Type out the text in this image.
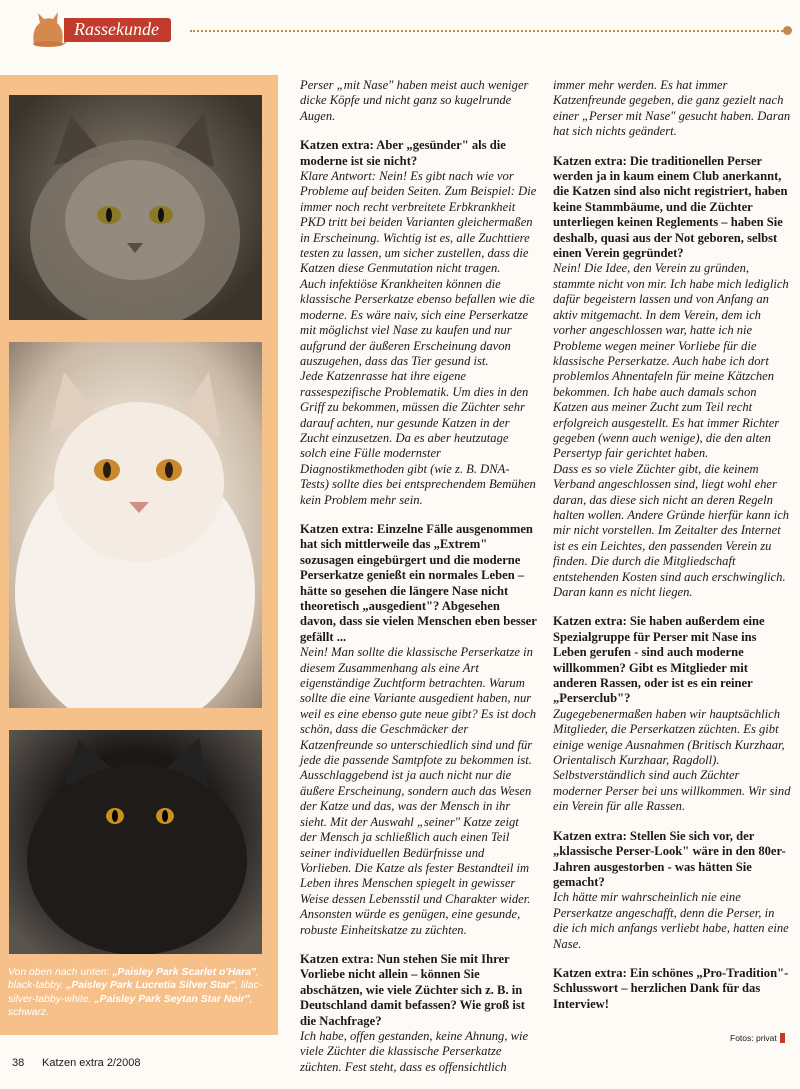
Rassekunde
Von oben nach unten: „Paisley Park Scarlet o'Hara", black-tabby. „Paisley Park Lucretia Silver Star", lilac-silver-tabby-white. „Paisley Park Seytan Star Noir", schwarz.

Perser „mit Nase" haben meist auch weniger dicke Köpfe und nicht ganz so kugelrunde Augen.

Katzen extra: Aber „gesünder" als die moderne ist sie nicht?

Klare Antwort: Nein! Es gibt nach wie vor Probleme auf beiden Seiten. Zum Beispiel: Die immer noch recht verbreitete Erbkrankheit PKD tritt bei beiden Varianten gleichermaßen in Erscheinung. Wichtig ist es, alle Zuchttiere testen zu lassen, um sicher zustellen, dass die Katzen diese Genmutation nicht tragen.

Auch infektiöse Krankheiten können die klassische Perserkatze ebenso befallen wie die moderne. Es wäre naiv, sich eine Perserkatze mit möglichst viel Nase zu kaufen und nur aufgrund der äußeren Erscheinung davon auszugehen, dass das Tier gesund ist.

Jede Katzenrasse hat ihre eigene rassespezifische Problematik. Um dies in den Griff zu bekommen, müssen die Züchter sehr darauf achten, nur gesunde Katzen in der Zucht einzusetzen. Da es aber heutzutage solch eine Fülle modernster Diagnostikmethoden gibt (wie z. B. DNA-Tests) sollte dies bei entsprechendem Bemühen kein Problem mehr sein.

Katzen extra: Einzelne Fälle ausgenommen hat sich mittlerweile das „Extrem" sozusagen eingebürgert und die moderne Perserkatze genießt ein normales Leben – hätte so gesehen die längere Nase nicht theoretisch „ausgedient"? Abgesehen davon, dass sie vielen Menschen eben besser gefällt ...

Nein! Man sollte die klassische Perserkatze in diesem Zusammenhang als eine Art eigenständige Zuchtform betrachten. Warum sollte die eine Variante ausgedient haben, nur weil es eine ebenso gute neue gibt? Es ist doch schön, dass die Geschmäcker der Katzenfreunde so unterschiedlich sind und für jede die passende Samtpfote zu bekommen ist.

Ausschlaggebend ist ja auch nicht nur die äußere Erscheinung, sondern auch das Wesen der Katze und das, was der Mensch in ihr sieht. Mit der Auswahl „seiner" Katze zeigt der Mensch ja schließlich auch einen Teil seiner individuellen Bedürfnisse und Vorlieben. Die Katze als fester Bestandteil im Leben ihres Menschen spiegelt in gewisser Weise dessen Lebensstil und Charakter wider. Ansonsten würde es genügen, eine gesunde, robuste Einheitskatze zu züchten.

Katzen extra: Nun stehen Sie mit Ihrer Vorliebe nicht allein – können Sie abschätzen, wie viele Züchter sich z. B. in Deutschland damit befassen? Wie groß ist die Nachfrage?

Ich habe, offen gestanden, keine Ahnung, wie viele Züchter die klassische Perserkatze züchten. Fest steht, dass es offensichtlich

immer mehr werden. Es hat immer Katzenfreunde gegeben, die ganz gezielt nach einer „Perser mit Nase" gesucht haben. Daran hat sich nichts geändert.

Katzen extra: Die traditionellen Perser werden ja in kaum einem Club anerkannt, die Katzen sind also nicht registriert, haben keine Stammbäume, und die Züchter unterliegen keinen Reglements – haben Sie deshalb, quasi aus der Not geboren, selbst einen Verein gegründet?

Nein! Die Idee, den Verein zu gründen, stammte nicht von mir. Ich habe mich lediglich dafür begeistern lassen und von Anfang an aktiv mitgemacht. In dem Verein, dem ich vorher angeschlossen war, hatte ich nie Probleme wegen meiner Vorliebe für die klassische Perserkatze. Auch habe ich dort problemlos Ahnentafeln für meine Kätzchen bekommen. Ich habe auch damals schon Katzen aus meiner Zucht zum Teil recht erfolgreich ausgestellt. Es hat immer Richter gegeben (wenn auch wenige), die den alten Persertyp fair gerichtet haben.

Dass es so viele Züchter gibt, die keinem Verband angeschlossen sind, liegt wohl eher daran, das diese sich nicht an deren Regeln halten wollen. Andere Gründe hierfür kann ich mir nicht vorstellen. Im Zeitalter des Internet ist es ein Leichtes, den passenden Verein zu finden. Die durch die Mitgliedschaft entstehenden Kosten sind auch erschwinglich. Daran kann es nicht liegen.

Katzen extra: Sie haben außerdem eine Spezialgruppe für Perser mit Nase ins Leben gerufen - sind auch moderne willkommen? Gibt es Mitglieder mit anderen Rassen, oder ist es ein reiner „Perserclub"?

Zugegebenermaßen haben wir hauptsächlich Mitglieder, die Perserkatzen züchten. Es gibt einige wenige Ausnahmen (Britisch Kurzhaar, Orientalisch Kurzhaar, Ragdoll). Selbstverständlich sind auch Züchter moderner Perser bei uns willkommen. Wir sind ein Verein für alle Rassen.

Katzen extra: Stellen Sie sich vor, der „klassische Perser-Look" wäre in den 80er-Jahren ausgestorben - was hätten Sie gemacht?

Ich hätte mir wahrscheinlich nie eine Perserkatze angeschafft, denn die Perser, in die ich mich anfangs verliebt habe, hatten eine Nase.

Katzen extra: Ein schönes „Pro-Tradition"-Schlusswort – herzlichen Dank für das Interview!

Fotos: privat
38 Katzen extra 2/2008
